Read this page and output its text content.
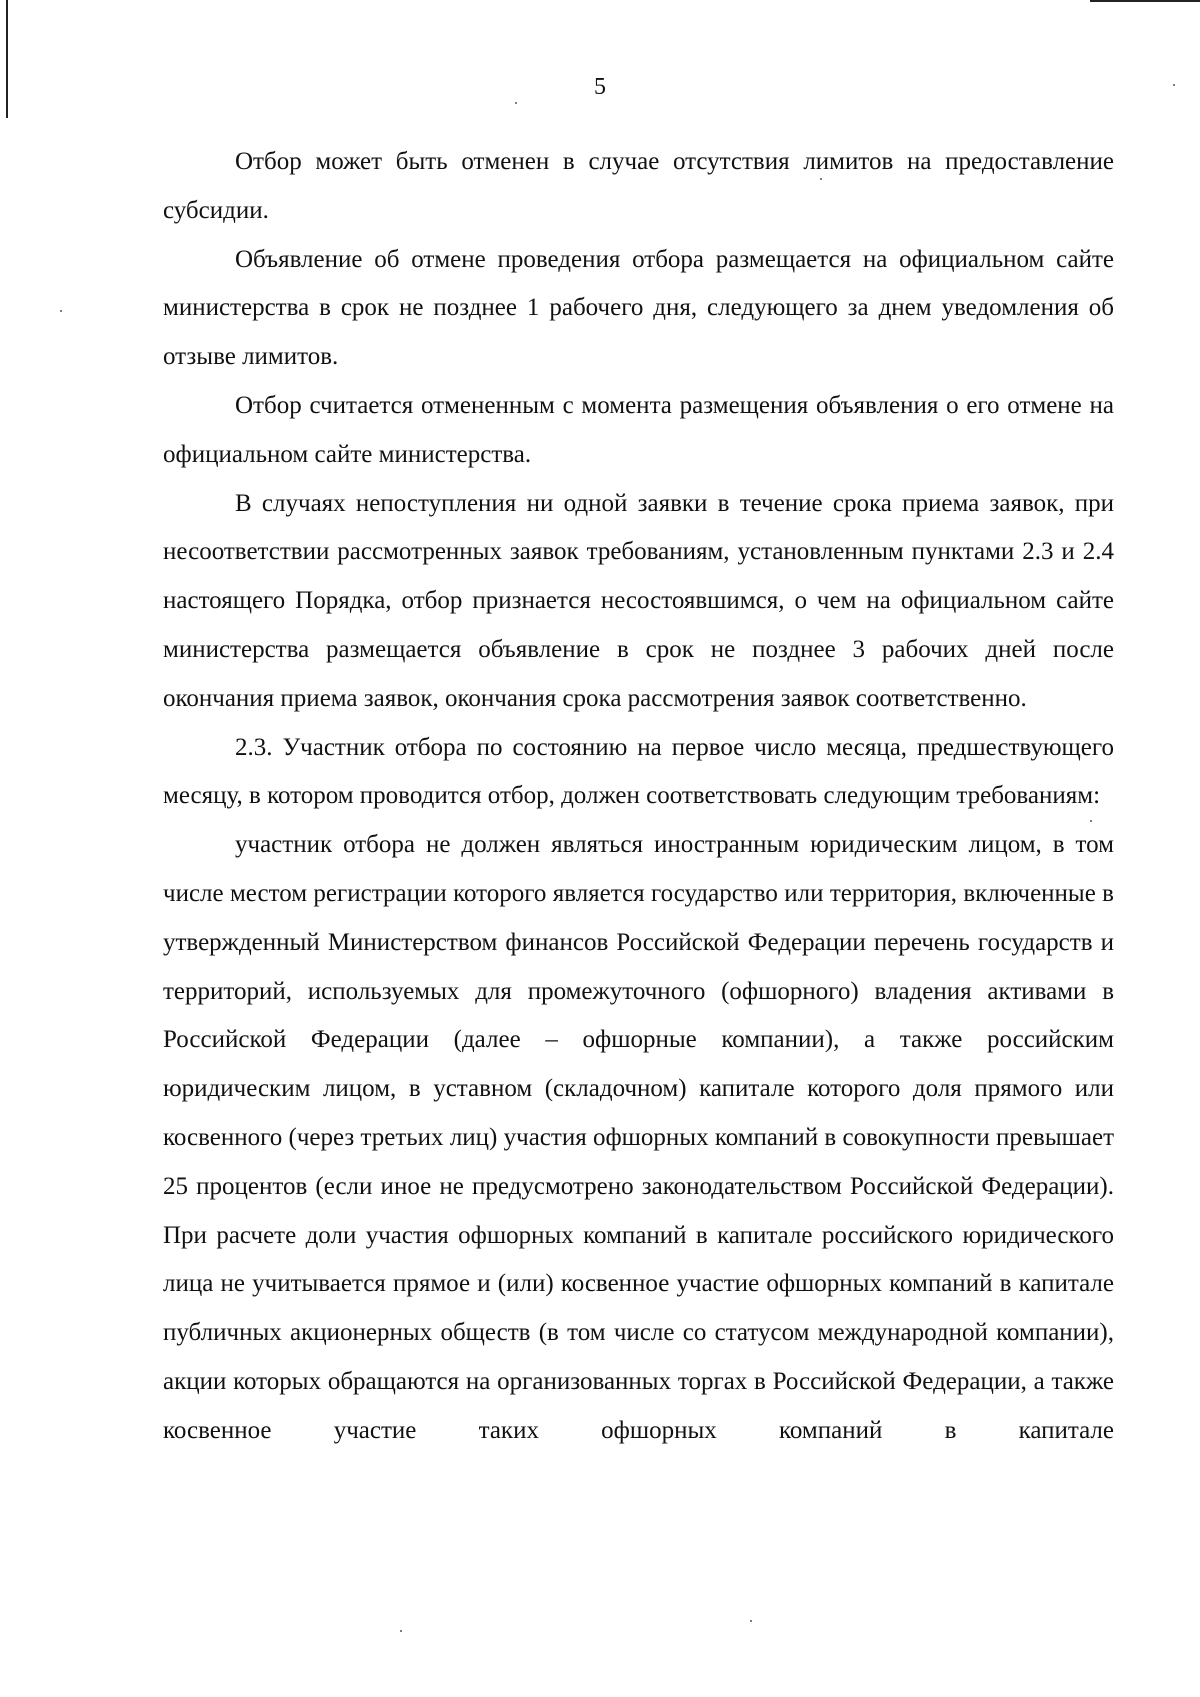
5

Отбор может быть отменен в случае отсутствия лимитов на предоставление субсидии.

Объявление об отмене проведения отбора размещается на официальном сайте министерства в срок не позднее 1 рабочего дня, следующего за днем уведомления об отзыве лимитов.

Отбор считается отмененным с момента размещения объявления о его отмене на официальном сайте министерства.

В случаях непоступления ни одной заявки в течение срока приема заявок, при несоответствии рассмотренных заявок требованиям, установленным пунктами 2.3 и 2.4 настоящего Порядка, отбор признается несостоявшимся, о чем на официальном сайте министерства размещается объявление в срок не позднее 3 рабочих дней после окончания приема заявок, окончания срока рассмотрения заявок соответственно.

2.3. Участник отбора по состоянию на первое число месяца, предшествующего месяцу, в котором проводится отбор, должен соответствовать следующим требованиям:

участник отбора не должен являться иностранным юридическим лицом, в том числе местом регистрации которого является государство или территория, включенные в утвержденный Министерством финансов Российской Федерации перечень государств и территорий, используемых для промежуточного (офшорного) владения активами в Российской Федерации (далее – офшорные компании), а также российским юридическим лицом, в уставном (складочном) капитале которого доля прямого или косвенного (через третьих лиц) участия офшорных компаний в совокупности превышает 25 процентов (если иное не предусмотрено законодательством Российской Федерации). При расчете доли участия офшорных компаний в капитале российского юридического лица не учитывается прямое и (или) косвенное участие офшорных компаний в капитале публичных акционерных обществ (в том числе со статусом международной компании), акции которых обращаются на организованных торгах в Российской Федерации, а также косвенное участие таких офшорных компаний в капитале
